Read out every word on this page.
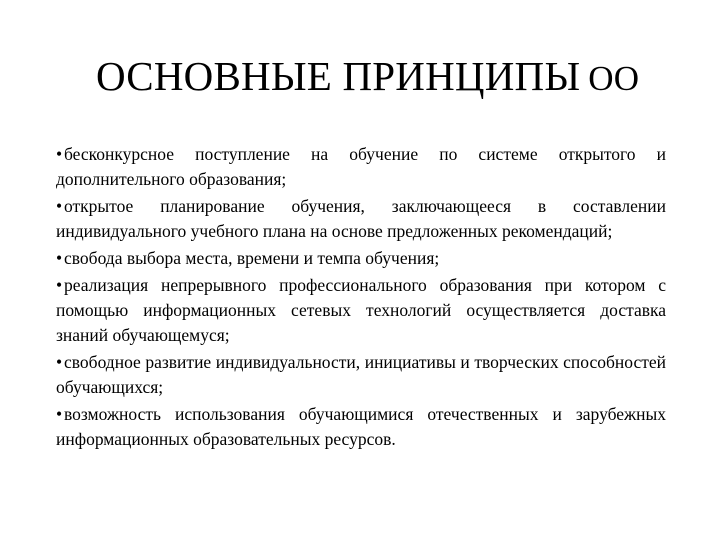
ОСНОВНЫЕ ПРИНЦИПЫ ОО
• бесконкурсное поступление на обучение по системе открытого и дополнительного образования;
• открытое планирование обучения, заключающееся в составлении индивидуального учебного плана на основе предложенных рекомендаций;
• свобода выбора места, времени и темпа обучения;
• реализация непрерывного профессионального образования при котором с помощью информационных сетевых технологий осуществляется доставка знаний обучающемуся;
• свободное развитие индивидуальности, инициативы и творческих способностей обучающихся;
• возможность использования обучающимися отечественных и зарубежных информационных образовательных ресурсов.
